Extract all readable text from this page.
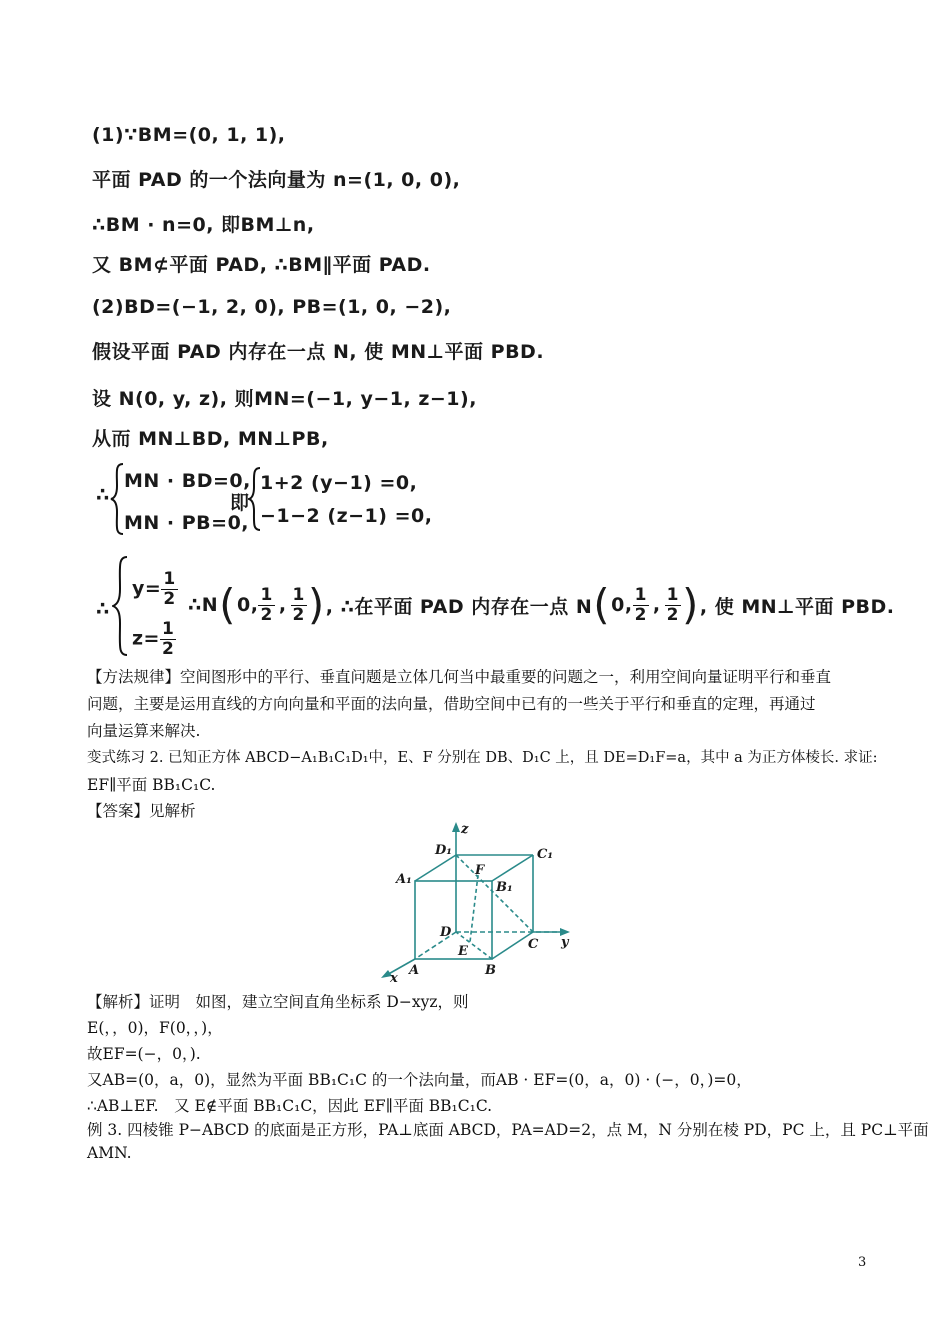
(1)∵BM=(0, 1, 1),
平面 PAD 的一个法向量为 n=(1, 0, 0),
∴BM · n=0, 即BM⊥n,
又 BM⊄平面 PAD, ∴BM∥平面 PAD.
(2)BD=(−1, 2, 0), PB=(1, 0, −2),
假设平面 PAD 内存在一点 N, 使 MN⊥平面 PBD.
设 N(0, y, z), 则MN=(−1, y−1, z−1),
从而 MN⊥BD, MN⊥PB,
∴
MN · BD=0,
MN · PB=0,
即
1+2 (y−1) =0,
−1−2 (z−1) =0,
∴
$y= \frac{1}{2}$
$z= \frac{1}{2}$
∴N ( 0, $\frac{1}{2}$ , $\frac{1}{2}$ ) , ∴在平面 PAD 内存在一点 N ( 0, $\frac{1}{2}$ , $\frac{1}{2}$ ) , 使 MN⊥平面 PBD.
【方法规律】空间图形中的平行、垂直问题是立体几何当中最重要的问题之一，利用空间向量证明平行和垂直
问题，主要是运用直线的方向向量和平面的法向量，借助空间中已有的一些关于平行和垂直的定理，再通过
向量运算来解决.
变式练习 2. 已知正方体 ABCD−A₁B₁C₁D₁中，E、F 分别在 DB、D₁C 上，且 DE=D₁F=a，其中 a 为正方体棱长. 求证:
EF∥平面 BB₁C₁C.
【答案】见解析
z
y
x
D₁	C₁
A₁
B₁
F
D
E	C
A	B
【解析】证明　如图，建立空间直角坐标系 D−xyz，则
E(，，0)，F(0，，)，
故EF=(−，0，).
又AB=(0，a，0)，显然为平面 BB₁C₁C 的一个法向量，而AB · EF=(0，a，0) · (−，0，)=0，
∴AB⊥EF.　又 E∉平面 BB₁C₁C，因此 EF∥平面 BB₁C₁C.
例 3. 四棱锥 P−ABCD 的底面是正方形，PA⊥底面 ABCD，PA=AD=2，点 M，N 分别在棱 PD，PC 上，且 PC⊥平面
AMN.
3
